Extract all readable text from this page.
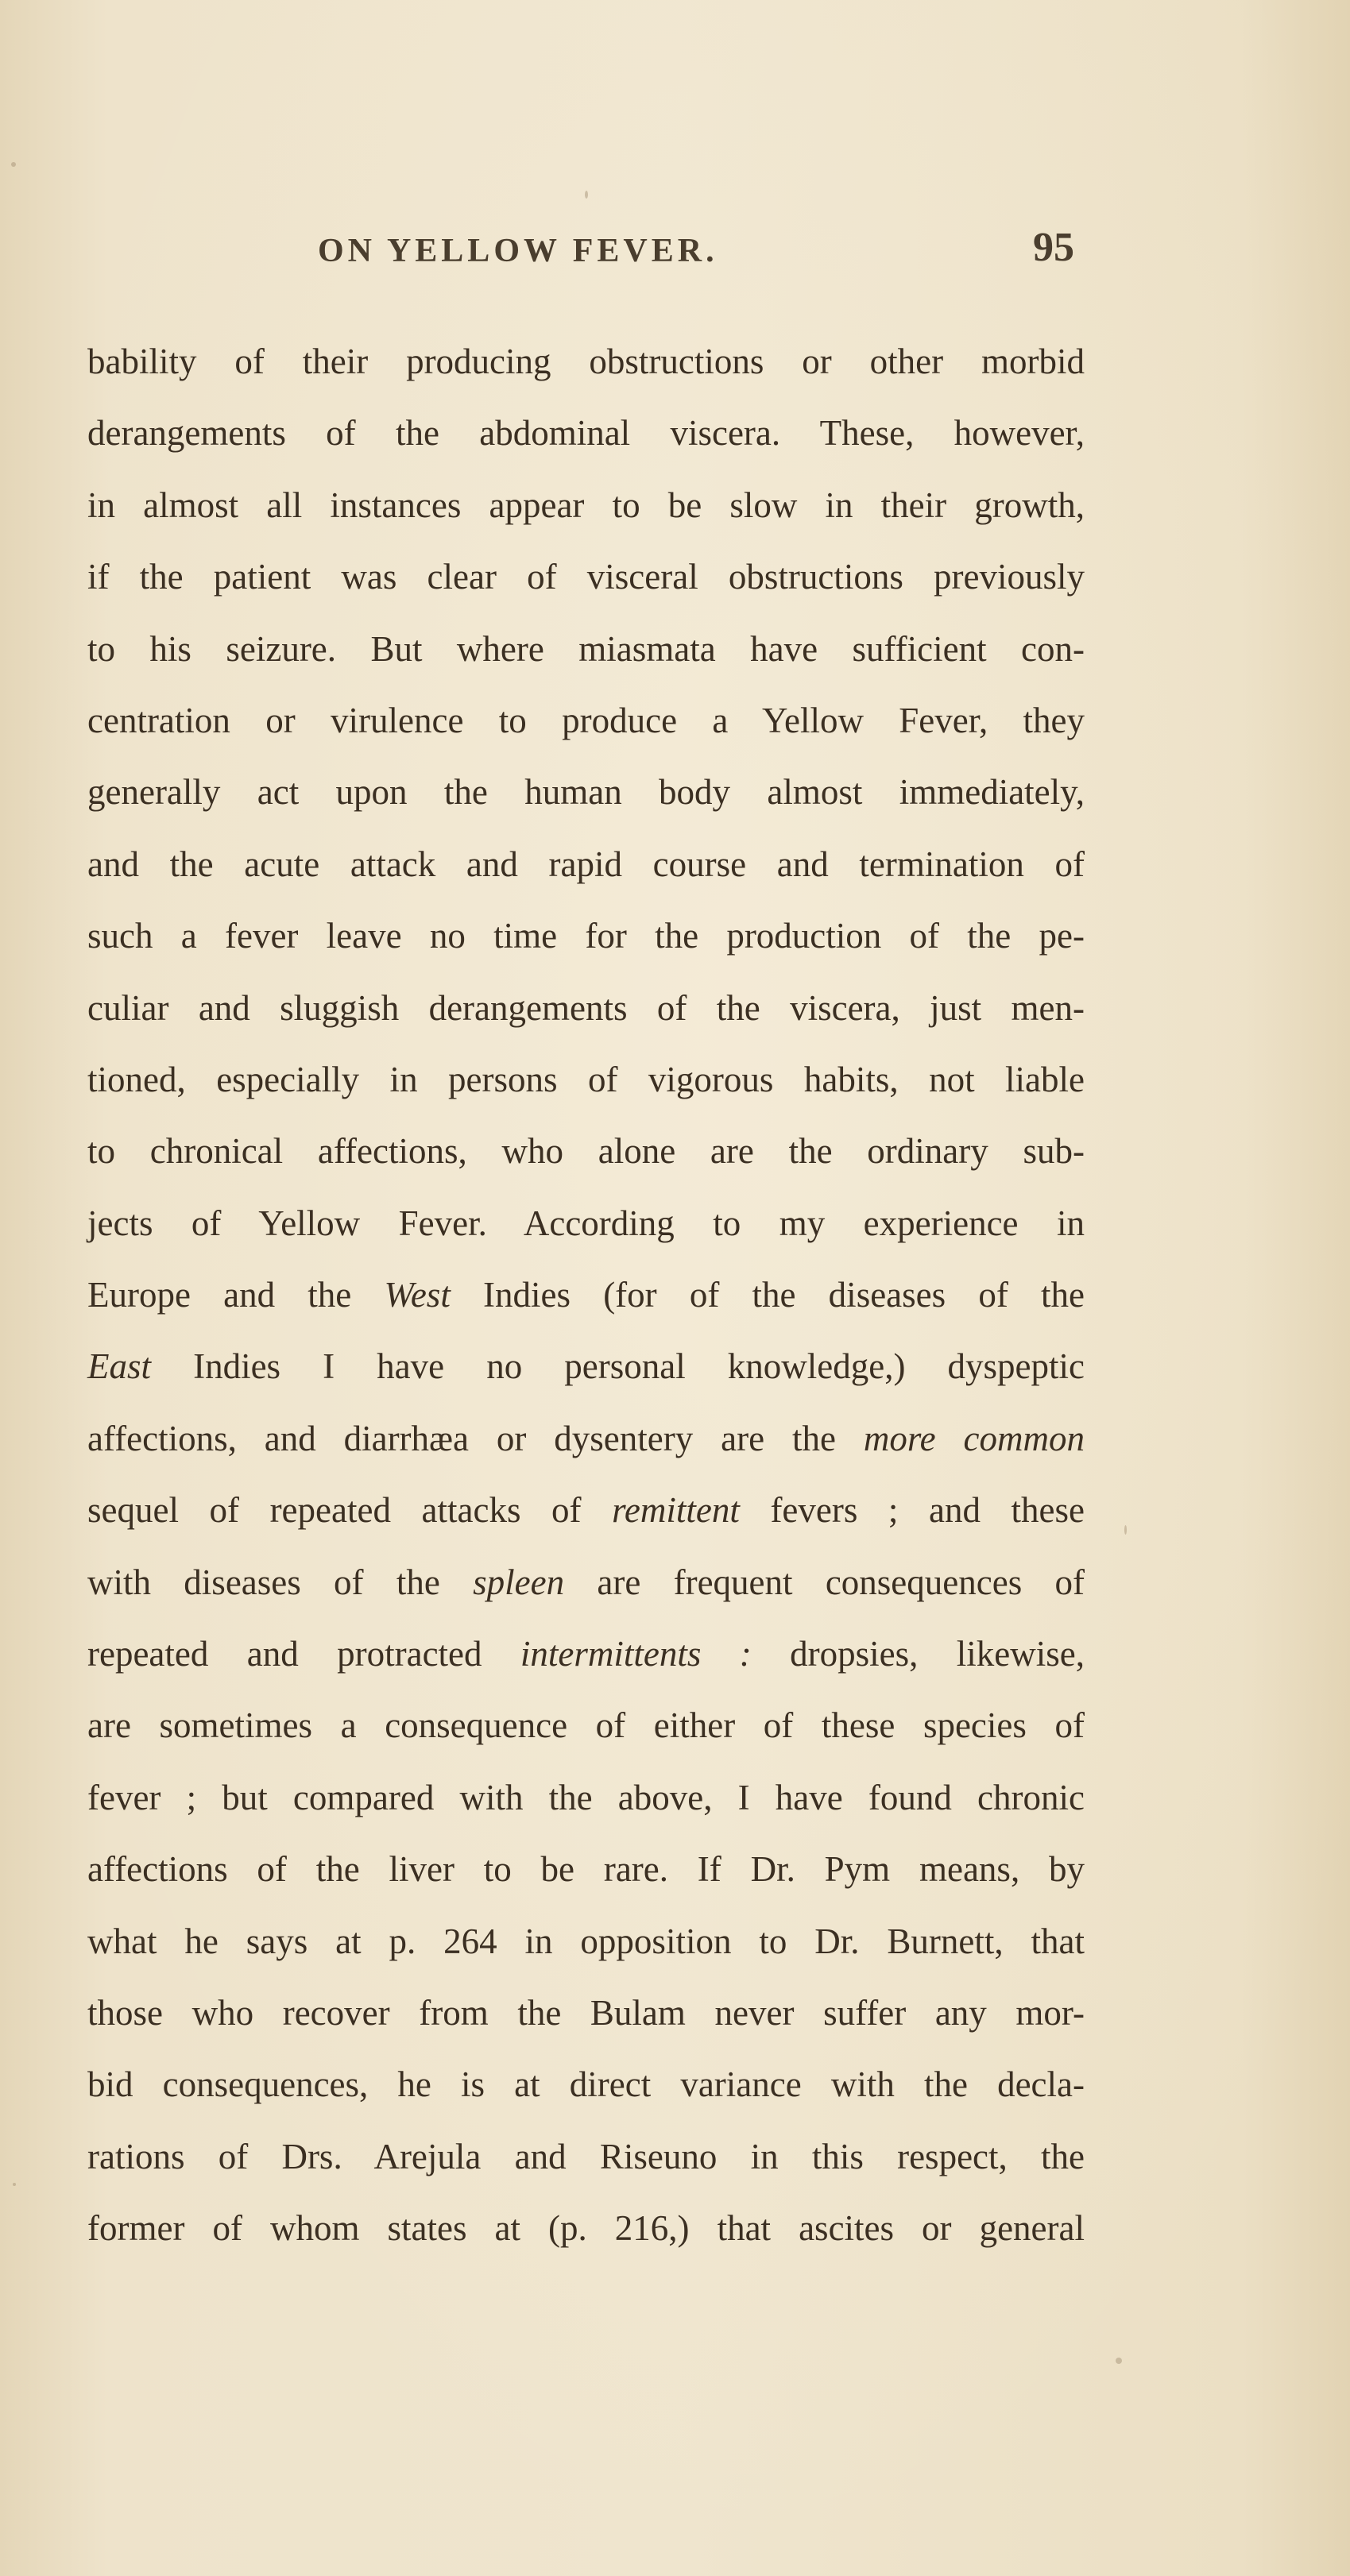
ON YELLOW FEVER.	95
bability of their producing obstructions or other morbid
derangements of the abdominal viscera. These, however,
in almost all instances appear to be slow in their growth,
if the patient was clear of visceral obstructions previously
to his seizure. But where miasmata have sufficient con-
centration or virulence to produce a Yellow Fever, they
generally act upon the human body almost immediately,
and the acute attack and rapid course and termination of
such a fever leave no time for the production of the pe-
culiar and sluggish derangements of the viscera, just men-
tioned, especially in persons of vigorous habits, not liable
to chronical affections, who alone are the ordinary sub-
jects of Yellow Fever. According to my experience in
Europe and the West Indies (for of the diseases of the
East Indies I have no personal knowledge,) dyspeptic
affections, and diarrhæa or dysentery are the more common
sequel of repeated attacks of remittent fevers ; and these
with diseases of the spleen are frequent consequences of
repeated and protracted intermittents : dropsies, likewise,
are sometimes a consequence of either of these species of
fever ; but compared with the above, I have found chronic
affections of the liver to be rare. If Dr. Pym means, by
what he says at p. 264 in opposition to Dr. Burnett, that
those who recover from the Bulam never suffer any mor-
bid consequences, he is at direct variance with the decla-
rations of Drs. Arejula and Riseuno in this respect, the
former of whom states at (p. 216,) that ascites or general
